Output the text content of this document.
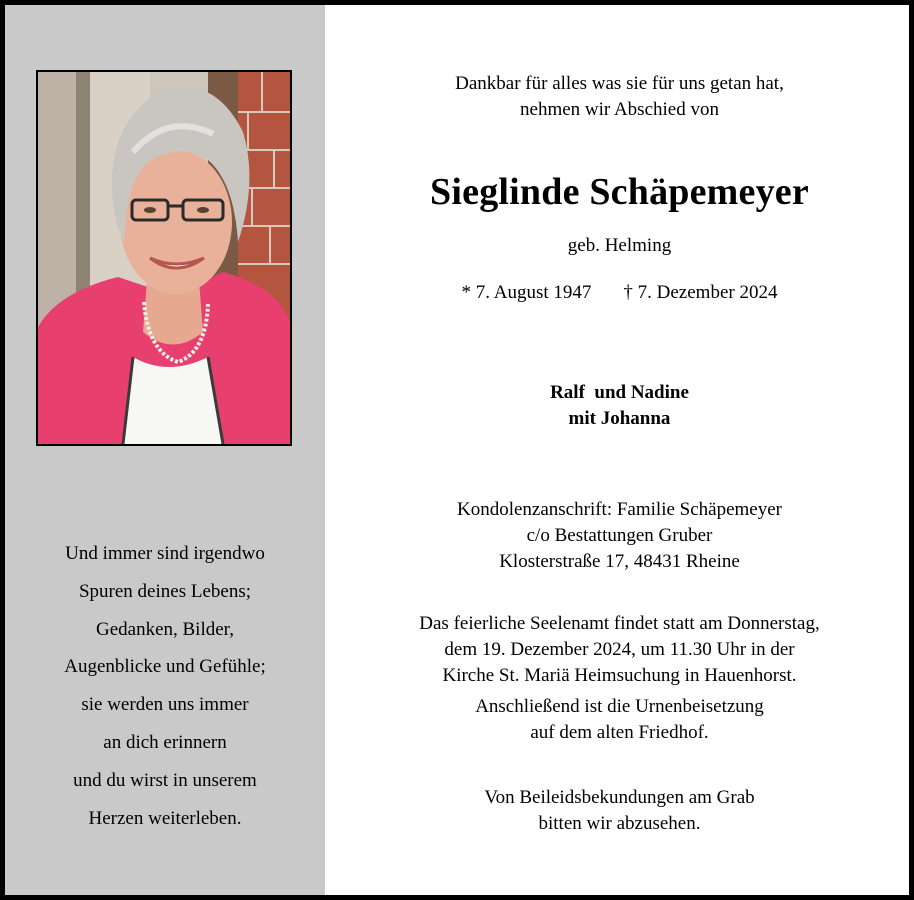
Und immer sind irgendwo
Spuren deines Lebens;
Gedanken, Bilder,
Augenblicke und Gefühle;
sie werden uns immer
an dich erinnern
und du wirst in unserem
Herzen weiterleben.
Dankbar für alles was sie für uns getan hat,
nehmen wir Abschied von
Sieglinde Schäpemeyer
geb. Helming
* 7. August 1947 † 7. Dezember 2024
Ralf  und Nadine
mit Johanna
Kondolenzanschrift: Familie Schäpemeyer
c/o Bestattungen Gruber
Klosterstraße 17, 48431 Rheine
Das feierliche Seelenamt findet statt am Donnerstag,
dem 19. Dezember 2024, um 11.30 Uhr in der
Kirche St. Mariä Heimsuchung in Hauenhorst.
Anschließend ist die Urnenbeisetzung
auf dem alten Friedhof.
Von Beileidsbekundungen am Grab
bitten wir abzusehen.
